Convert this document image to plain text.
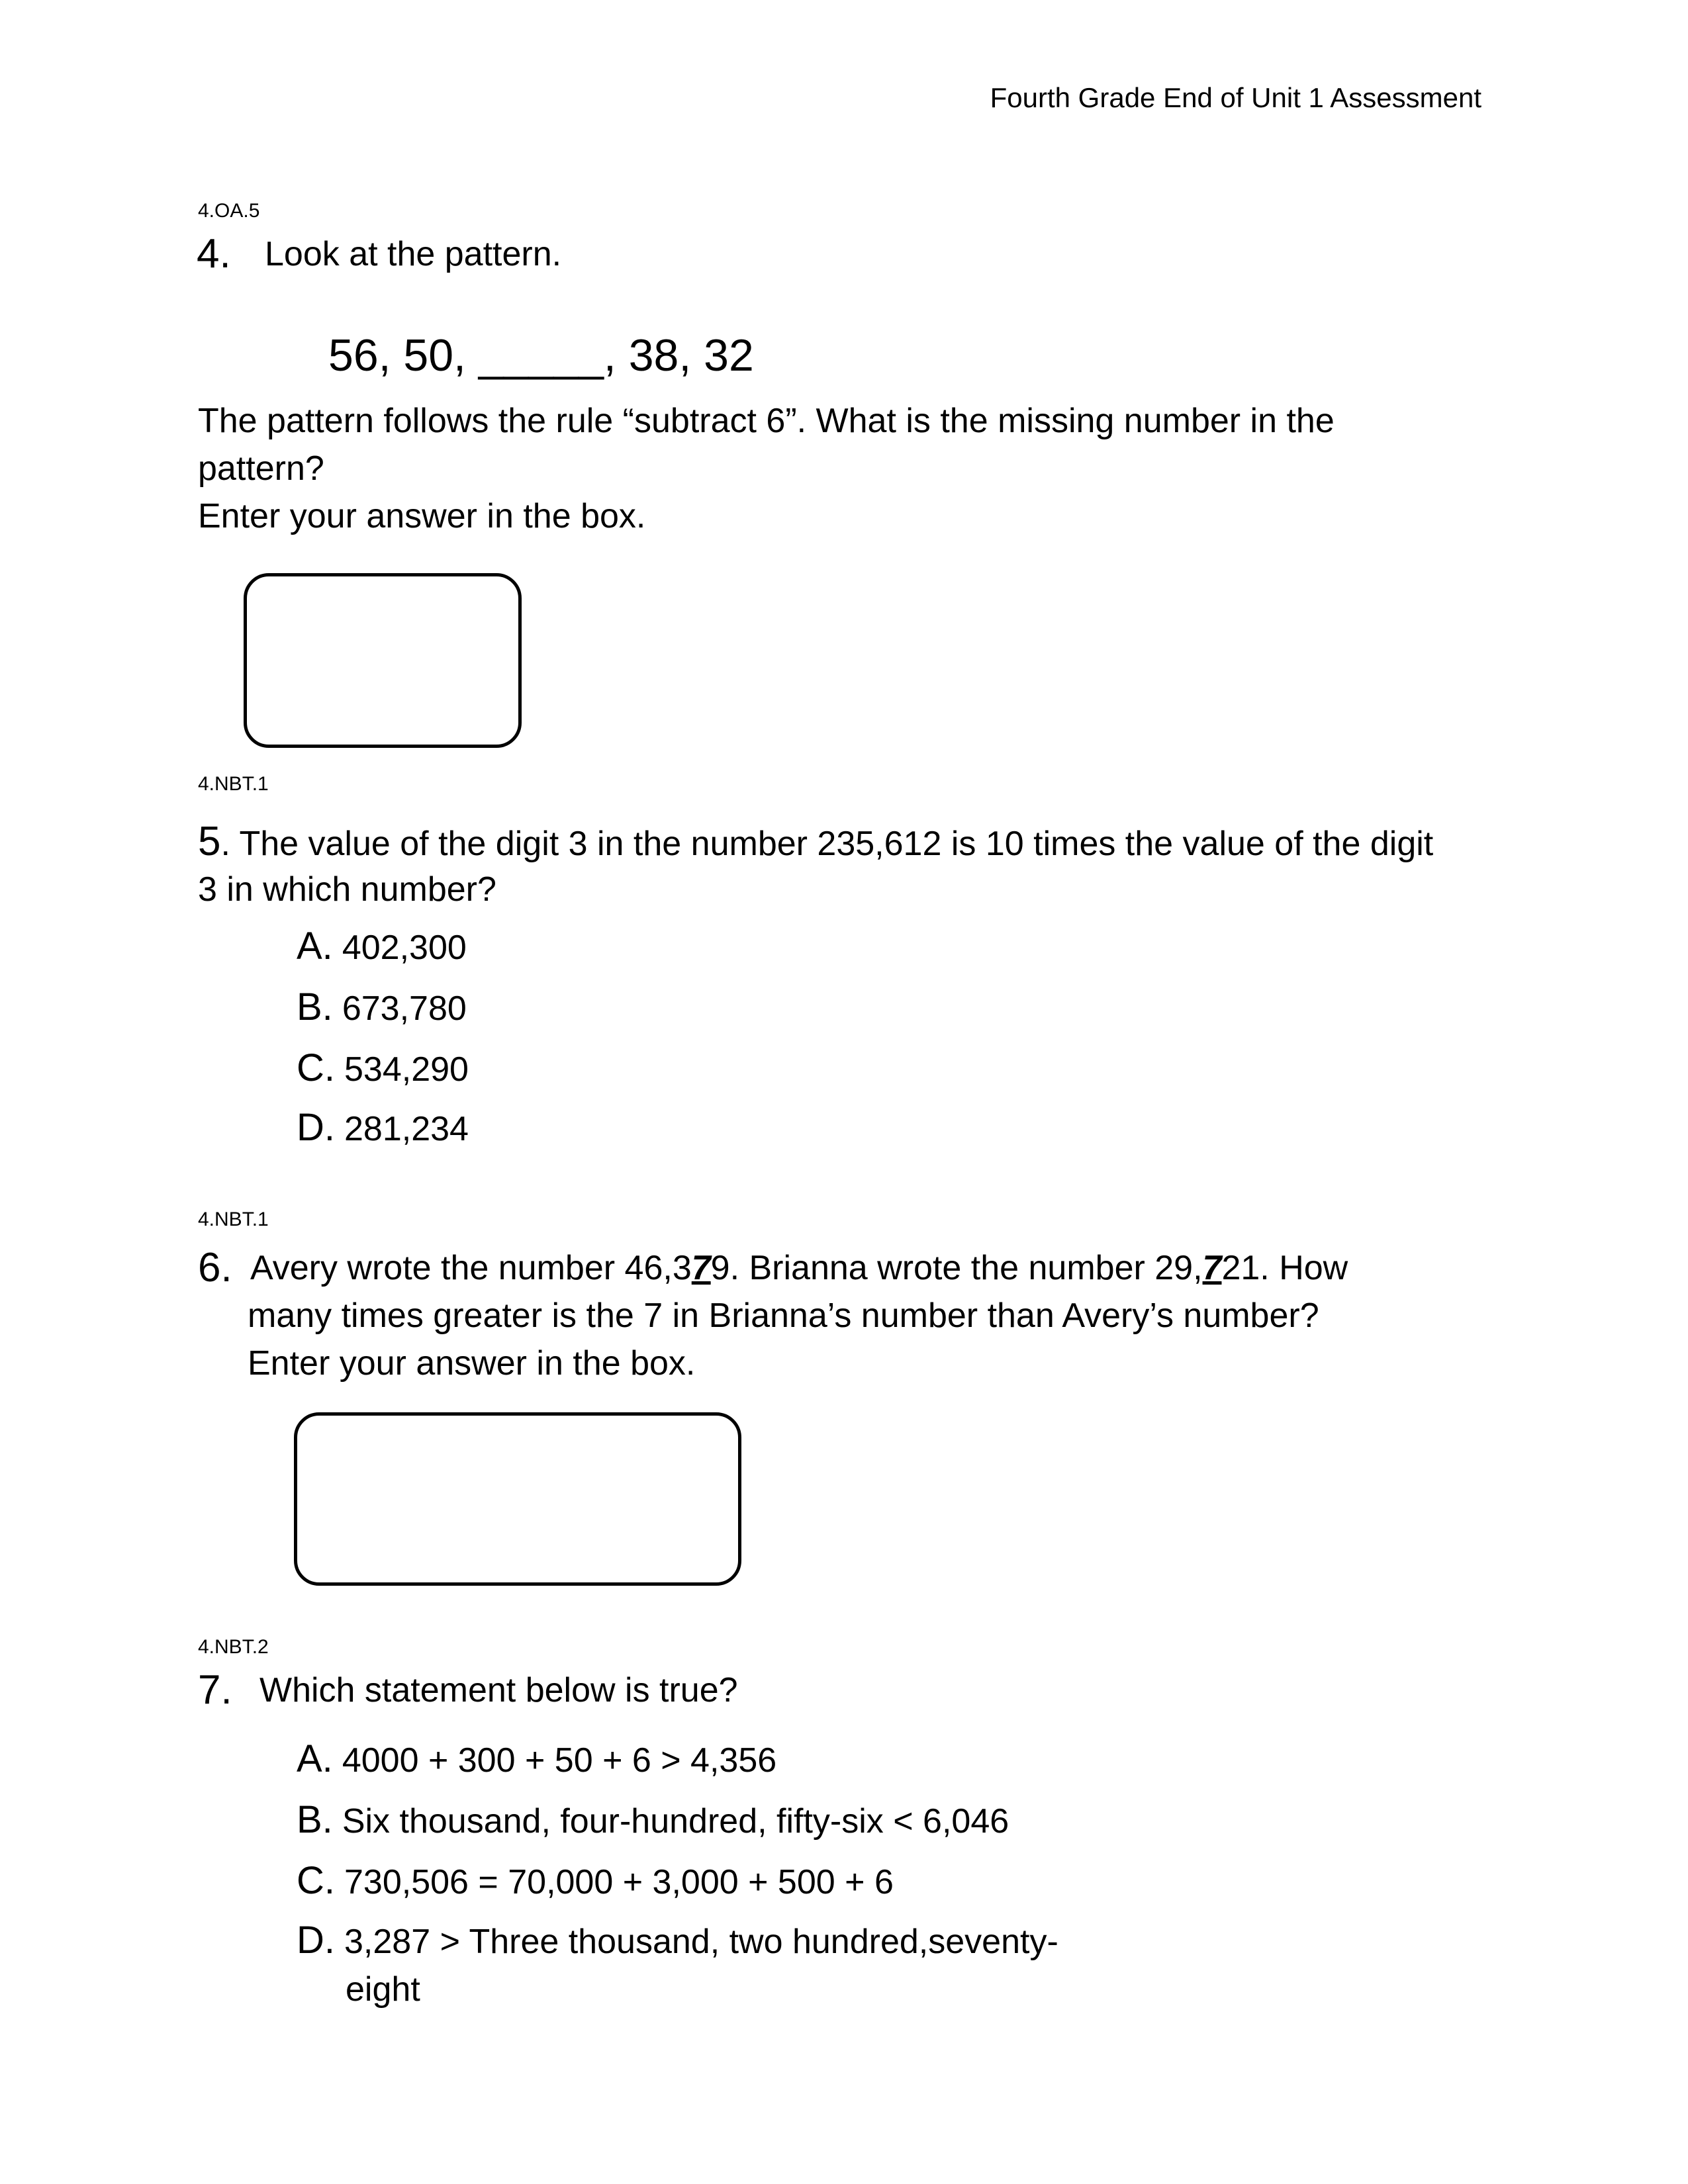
Fourth Grade End of Unit 1 Assessment
4.OA.5
4. Look at the pattern.
56, 50, _____, 38, 32
The pattern follows the rule “subtract 6”. What is the missing number in the
pattern?
Enter your answer in the box.
4.NBT.1
5. The value of the digit 3 in the number 235,612 is 10 times the value of the digit
3 in which number?
A. 402,300
B. 673,780
C. 534,290
D. 281,234
4.NBT.1
6. Avery wrote the number 46,379. Brianna wrote the number 29,721. How
many times greater is the 7 in Brianna’s number than Avery’s number?
Enter your answer in the box.
4.NBT.2
7. Which statement below is true?
A. 4000 + 300 + 50 + 6 > 4,356
B. Six thousand, four-hundred, fifty-six < 6,046
C. 730,506 = 70,000 + 3,000 + 500 + 6
D. 3,287 > Three thousand, two hundred,seventy-
eight
